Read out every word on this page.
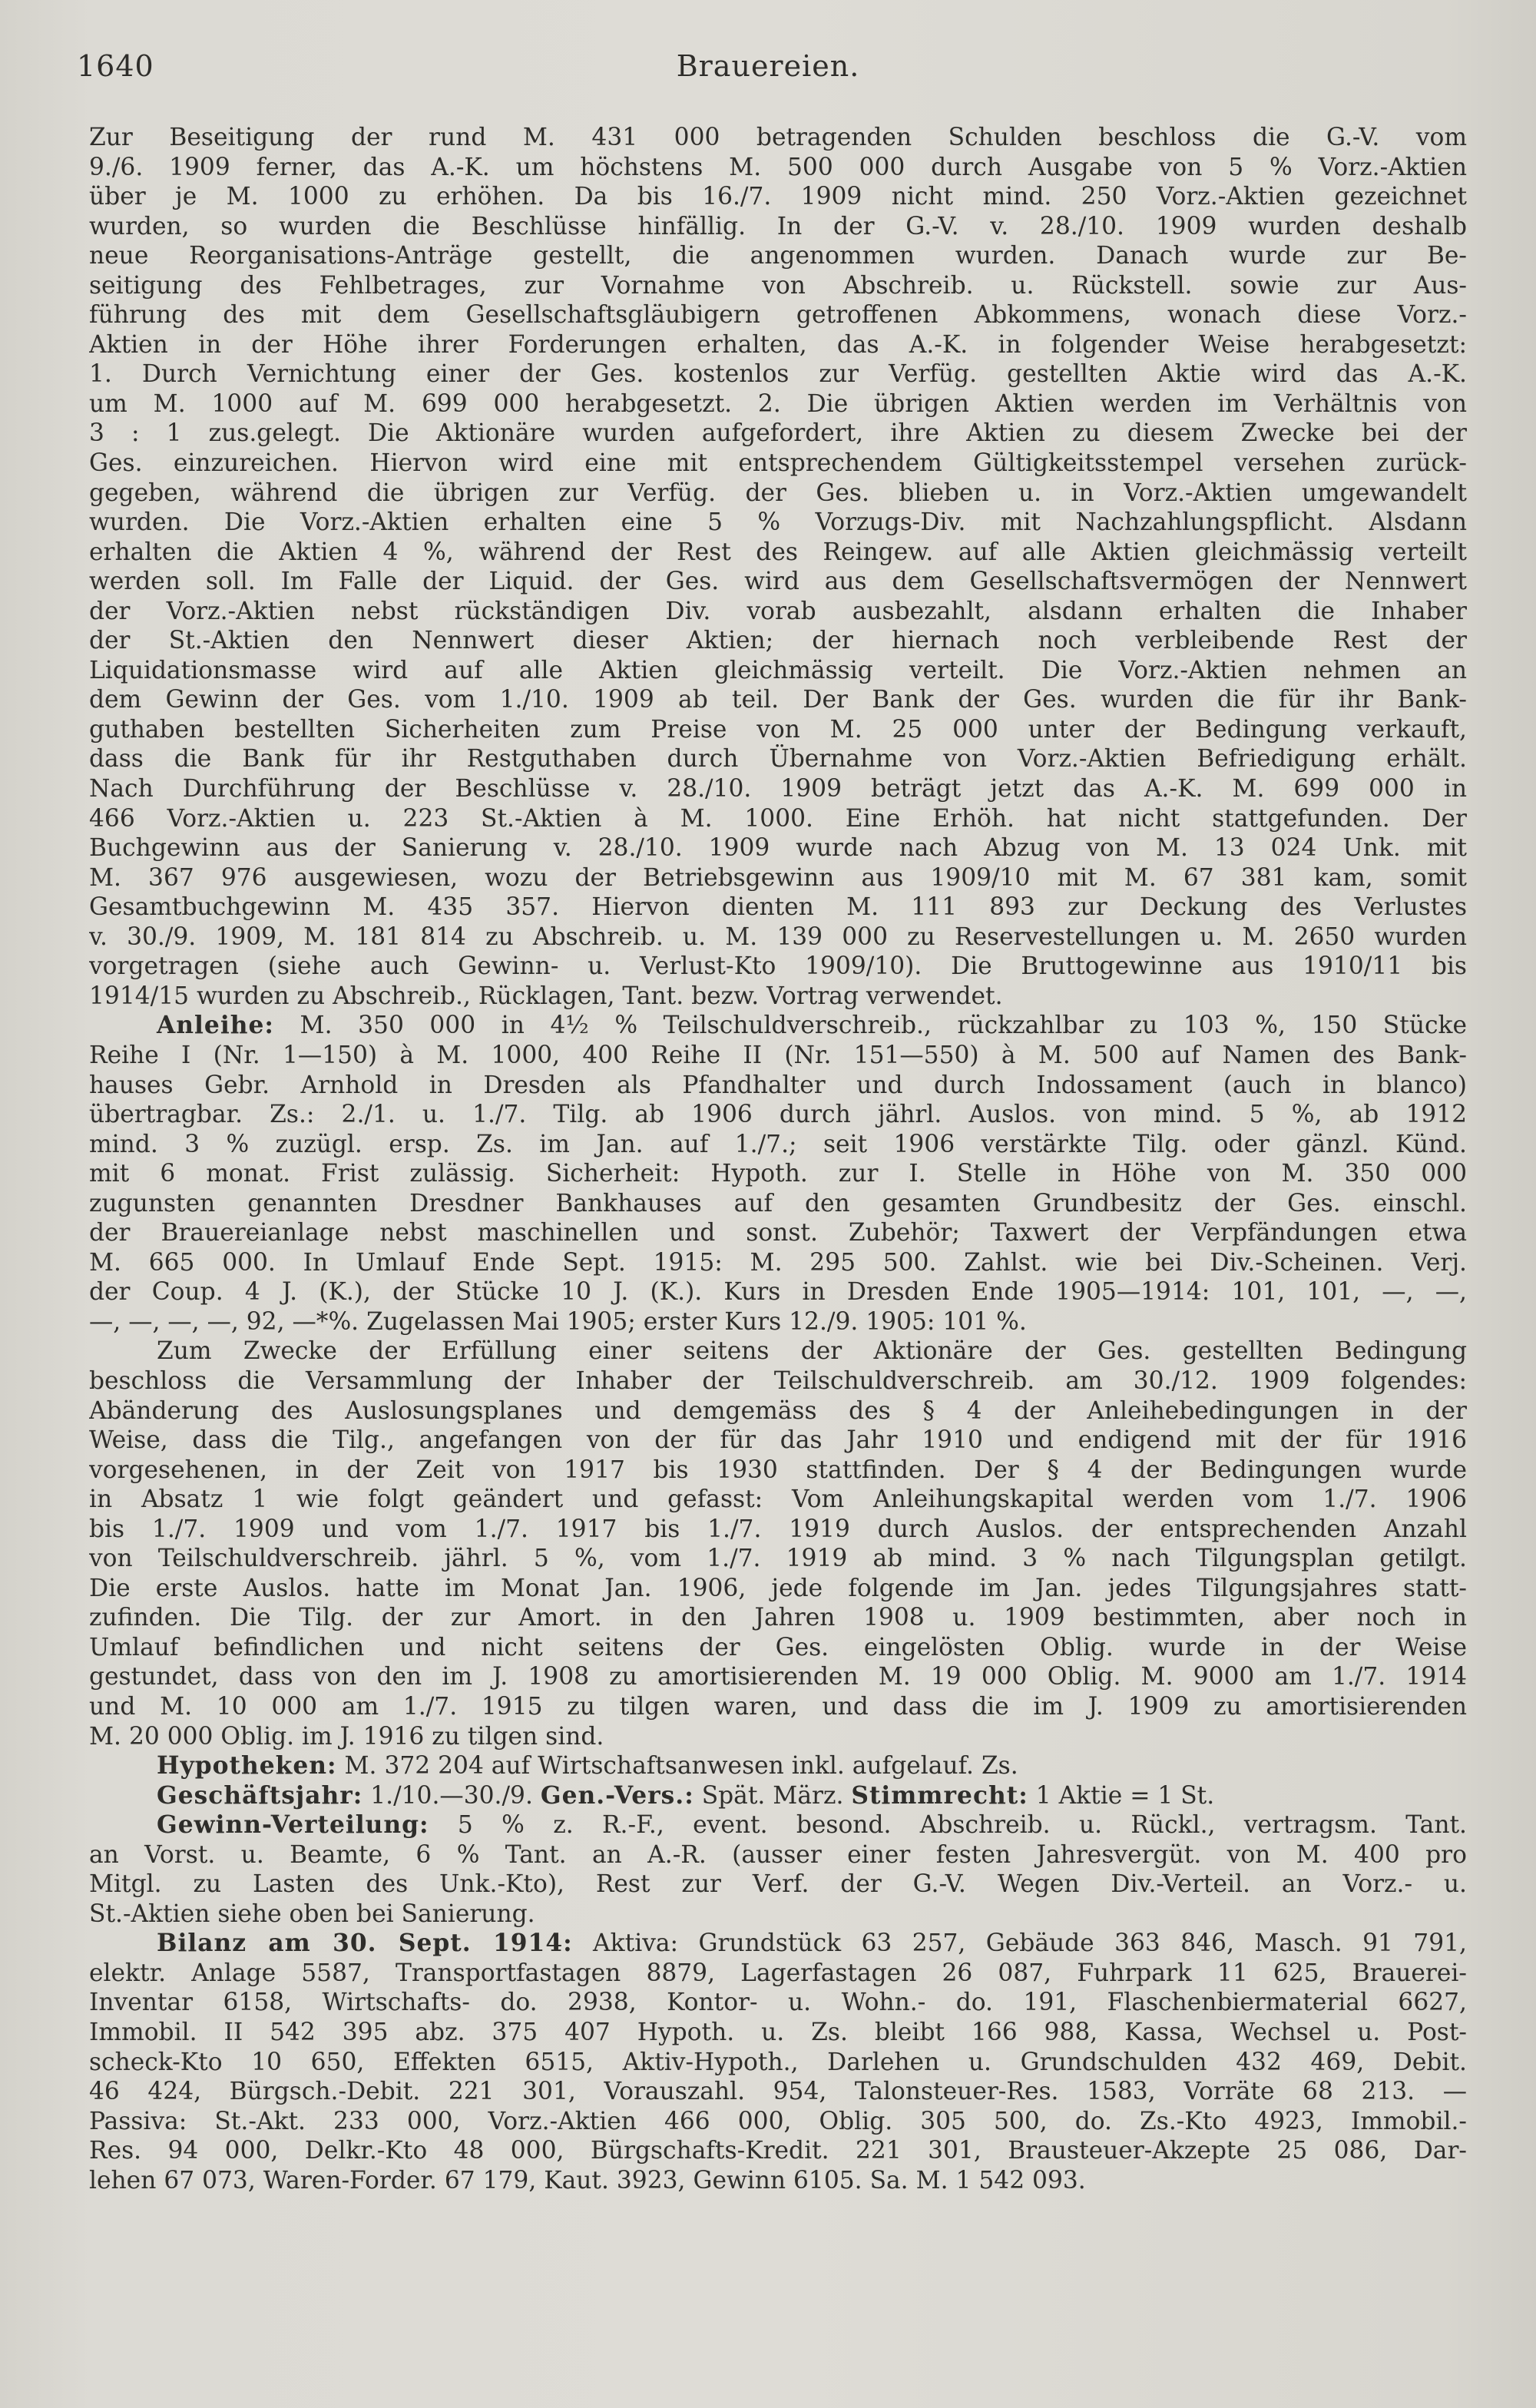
1640	Brauereien.
Zur Beseitigung der rund M. 431 000 betragenden Schulden beschloss die G.-V. vom
9./6. 1909 ferner, das A.-K. um höchstens M. 500 000 durch Ausgabe von 5 % Vorz.-Aktien
über je M. 1000 zu erhöhen. Da bis 16./7. 1909 nicht mind. 250 Vorz.-Aktien gezeichnet
wurden, so wurden die Beschlüsse hinfällig. In der G.-V. v. 28./10. 1909 wurden deshalb
neue Reorganisations-Anträge gestellt, die angenommen wurden. Danach wurde zur Be-
seitigung des Fehlbetrages, zur Vornahme von Abschreib. u. Rückstell. sowie zur Aus-
führung des mit dem Gesellschaftsgläubigern getroffenen Abkommens, wonach diese Vorz.-
Aktien in der Höhe ihrer Forderungen erhalten, das A.-K. in folgender Weise herabgesetzt:
1. Durch Vernichtung einer der Ges. kostenlos zur Verfüg. gestellten Aktie wird das A.-K.
um M. 1000 auf M. 699 000 herabgesetzt. 2. Die übrigen Aktien werden im Verhältnis von
3 : 1 zus.gelegt. Die Aktionäre wurden aufgefordert, ihre Aktien zu diesem Zwecke bei der
Ges. einzureichen. Hiervon wird eine mit entsprechendem Gültigkeitsstempel versehen zurück-
gegeben, während die übrigen zur Verfüg. der Ges. blieben u. in Vorz.-Aktien umgewandelt
wurden. Die Vorz.-Aktien erhalten eine 5 % Vorzugs-Div. mit Nachzahlungspflicht. Alsdann
erhalten die Aktien 4 %, während der Rest des Reingew. auf alle Aktien gleichmässig verteilt
werden soll. Im Falle der Liquid. der Ges. wird aus dem Gesellschaftsvermögen der Nennwert
der Vorz.-Aktien nebst rückständigen Div. vorab ausbezahlt, alsdann erhalten die Inhaber
der St.-Aktien den Nennwert dieser Aktien; der hiernach noch verbleibende Rest der
Liquidationsmasse wird auf alle Aktien gleichmässig verteilt. Die Vorz.-Aktien nehmen an
dem Gewinn der Ges. vom 1./10. 1909 ab teil. Der Bank der Ges. wurden die für ihr Bank-
guthaben bestellten Sicherheiten zum Preise von M. 25 000 unter der Bedingung verkauft,
dass die Bank für ihr Restguthaben durch Übernahme von Vorz.-Aktien Befriedigung erhält.
Nach Durchführung der Beschlüsse v. 28./10. 1909 beträgt jetzt das A.-K. M. 699 000 in
466 Vorz.-Aktien u. 223 St.-Aktien à M. 1000. Eine Erhöh. hat nicht stattgefunden. Der
Buchgewinn aus der Sanierung v. 28./10. 1909 wurde nach Abzug von M. 13 024 Unk. mit
M. 367 976 ausgewiesen, wozu der Betriebsgewinn aus 1909/10 mit M. 67 381 kam, somit
Gesamtbuchgewinn M. 435 357. Hiervon dienten M. 111 893 zur Deckung des Verlustes
v. 30./9. 1909, M. 181 814 zu Abschreib. u. M. 139 000 zu Reservestellungen u. M. 2650 wurden
vorgetragen (siehe auch Gewinn- u. Verlust-Kto 1909/10). Die Bruttogewinne aus 1910/11 bis
1914/15 wurden zu Abschreib., Rücklagen, Tant. bezw. Vortrag verwendet.
Anleihe: M. 350 000 in 4½ % Teilschuldverschreib., rückzahlbar zu 103 %, 150 Stücke
Reihe I (Nr. 1—150) à M. 1000, 400 Reihe II (Nr. 151—550) à M. 500 auf Namen des Bank-
hauses Gebr. Arnhold in Dresden als Pfandhalter und durch Indossament (auch in blanco)
übertragbar. Zs.: 2./1. u. 1./7. Tilg. ab 1906 durch jährl. Auslos. von mind. 5 %, ab 1912
mind. 3 % zuzügl. ersp. Zs. im Jan. auf 1./7.; seit 1906 verstärkte Tilg. oder gänzl. Künd.
mit 6 monat. Frist zulässig. Sicherheit: Hypoth. zur I. Stelle in Höhe von M. 350 000
zugunsten genannten Dresdner Bankhauses auf den gesamten Grundbesitz der Ges. einschl.
der Brauereianlage nebst maschinellen und sonst. Zubehör; Taxwert der Verpfändungen etwa
M. 665 000. In Umlauf Ende Sept. 1915: M. 295 500. Zahlst. wie bei Div.-Scheinen. Verj.
der Coup. 4 J. (K.), der Stücke 10 J. (K.). Kurs in Dresden Ende 1905—1914: 101, 101, —, —,
—, —, —, —, 92, —*%. Zugelassen Mai 1905; erster Kurs 12./9. 1905: 101 %.
Zum Zwecke der Erfüllung einer seitens der Aktionäre der Ges. gestellten Bedingung
beschloss die Versammlung der Inhaber der Teilschuldverschreib. am 30./12. 1909 folgendes:
Abänderung des Auslosungsplanes und demgemäss des § 4 der Anleihebedingungen in der
Weise, dass die Tilg., angefangen von der für das Jahr 1910 und endigend mit der für 1916
vorgesehenen, in der Zeit von 1917 bis 1930 stattfinden. Der § 4 der Bedingungen wurde
in Absatz 1 wie folgt geändert und gefasst: Vom Anleihungskapital werden vom 1./7. 1906
bis 1./7. 1909 und vom 1./7. 1917 bis 1./7. 1919 durch Auslos. der entsprechenden Anzahl
von Teilschuldverschreib. jährl. 5 %, vom 1./7. 1919 ab mind. 3 % nach Tilgungsplan getilgt.
Die erste Auslos. hatte im Monat Jan. 1906, jede folgende im Jan. jedes Tilgungsjahres statt-
zufinden. Die Tilg. der zur Amort. in den Jahren 1908 u. 1909 bestimmten, aber noch in
Umlauf befindlichen und nicht seitens der Ges. eingelösten Oblig. wurde in der Weise
gestundet, dass von den im J. 1908 zu amortisierenden M. 19 000 Oblig. M. 9000 am 1./7. 1914
und M. 10 000 am 1./7. 1915 zu tilgen waren, und dass die im J. 1909 zu amortisierenden
M. 20 000 Oblig. im J. 1916 zu tilgen sind.
Hypotheken: M. 372 204 auf Wirtschaftsanwesen inkl. aufgelauf. Zs.
Geschäftsjahr: 1./10.—30./9. Gen.-Vers.: Spät. März. Stimmrecht: 1 Aktie = 1 St.
Gewinn-Verteilung: 5 % z. R.-F., event. besond. Abschreib. u. Rückl., vertragsm. Tant.
an Vorst. u. Beamte, 6 % Tant. an A.-R. (ausser einer festen Jahresvergüt. von M. 400 pro
Mitgl. zu Lasten des Unk.-Kto), Rest zur Verf. der G.-V. Wegen Div.-Verteil. an Vorz.- u.
St.-Aktien siehe oben bei Sanierung.
Bilanz am 30. Sept. 1914: Aktiva: Grundstück 63 257, Gebäude 363 846, Masch. 91 791,
elektr. Anlage 5587, Transportfastagen 8879, Lagerfastagen 26 087, Fuhrpark 11 625, Brauerei-
Inventar 6158, Wirtschafts- do. 2938, Kontor- u. Wohn.- do. 191, Flaschenbiermaterial 6627,
Immobil. II 542 395 abz. 375 407 Hypoth. u. Zs. bleibt 166 988, Kassa, Wechsel u. Post-
scheck-Kto 10 650, Effekten 6515, Aktiv-Hypoth., Darlehen u. Grundschulden 432 469, Debit.
46 424, Bürgsch.-Debit. 221 301, Vorauszahl. 954, Talonsteuer-Res. 1583, Vorräte 68 213. —
Passiva: St.-Akt. 233 000, Vorz.-Aktien 466 000, Oblig. 305 500, do. Zs.-Kto 4923, Immobil.-
Res. 94 000, Delkr.-Kto 48 000, Bürgschafts-Kredit. 221 301, Brausteuer-Akzepte 25 086, Dar-
lehen 67 073, Waren-Forder. 67 179, Kaut. 3923, Gewinn 6105. Sa. M. 1 542 093.
